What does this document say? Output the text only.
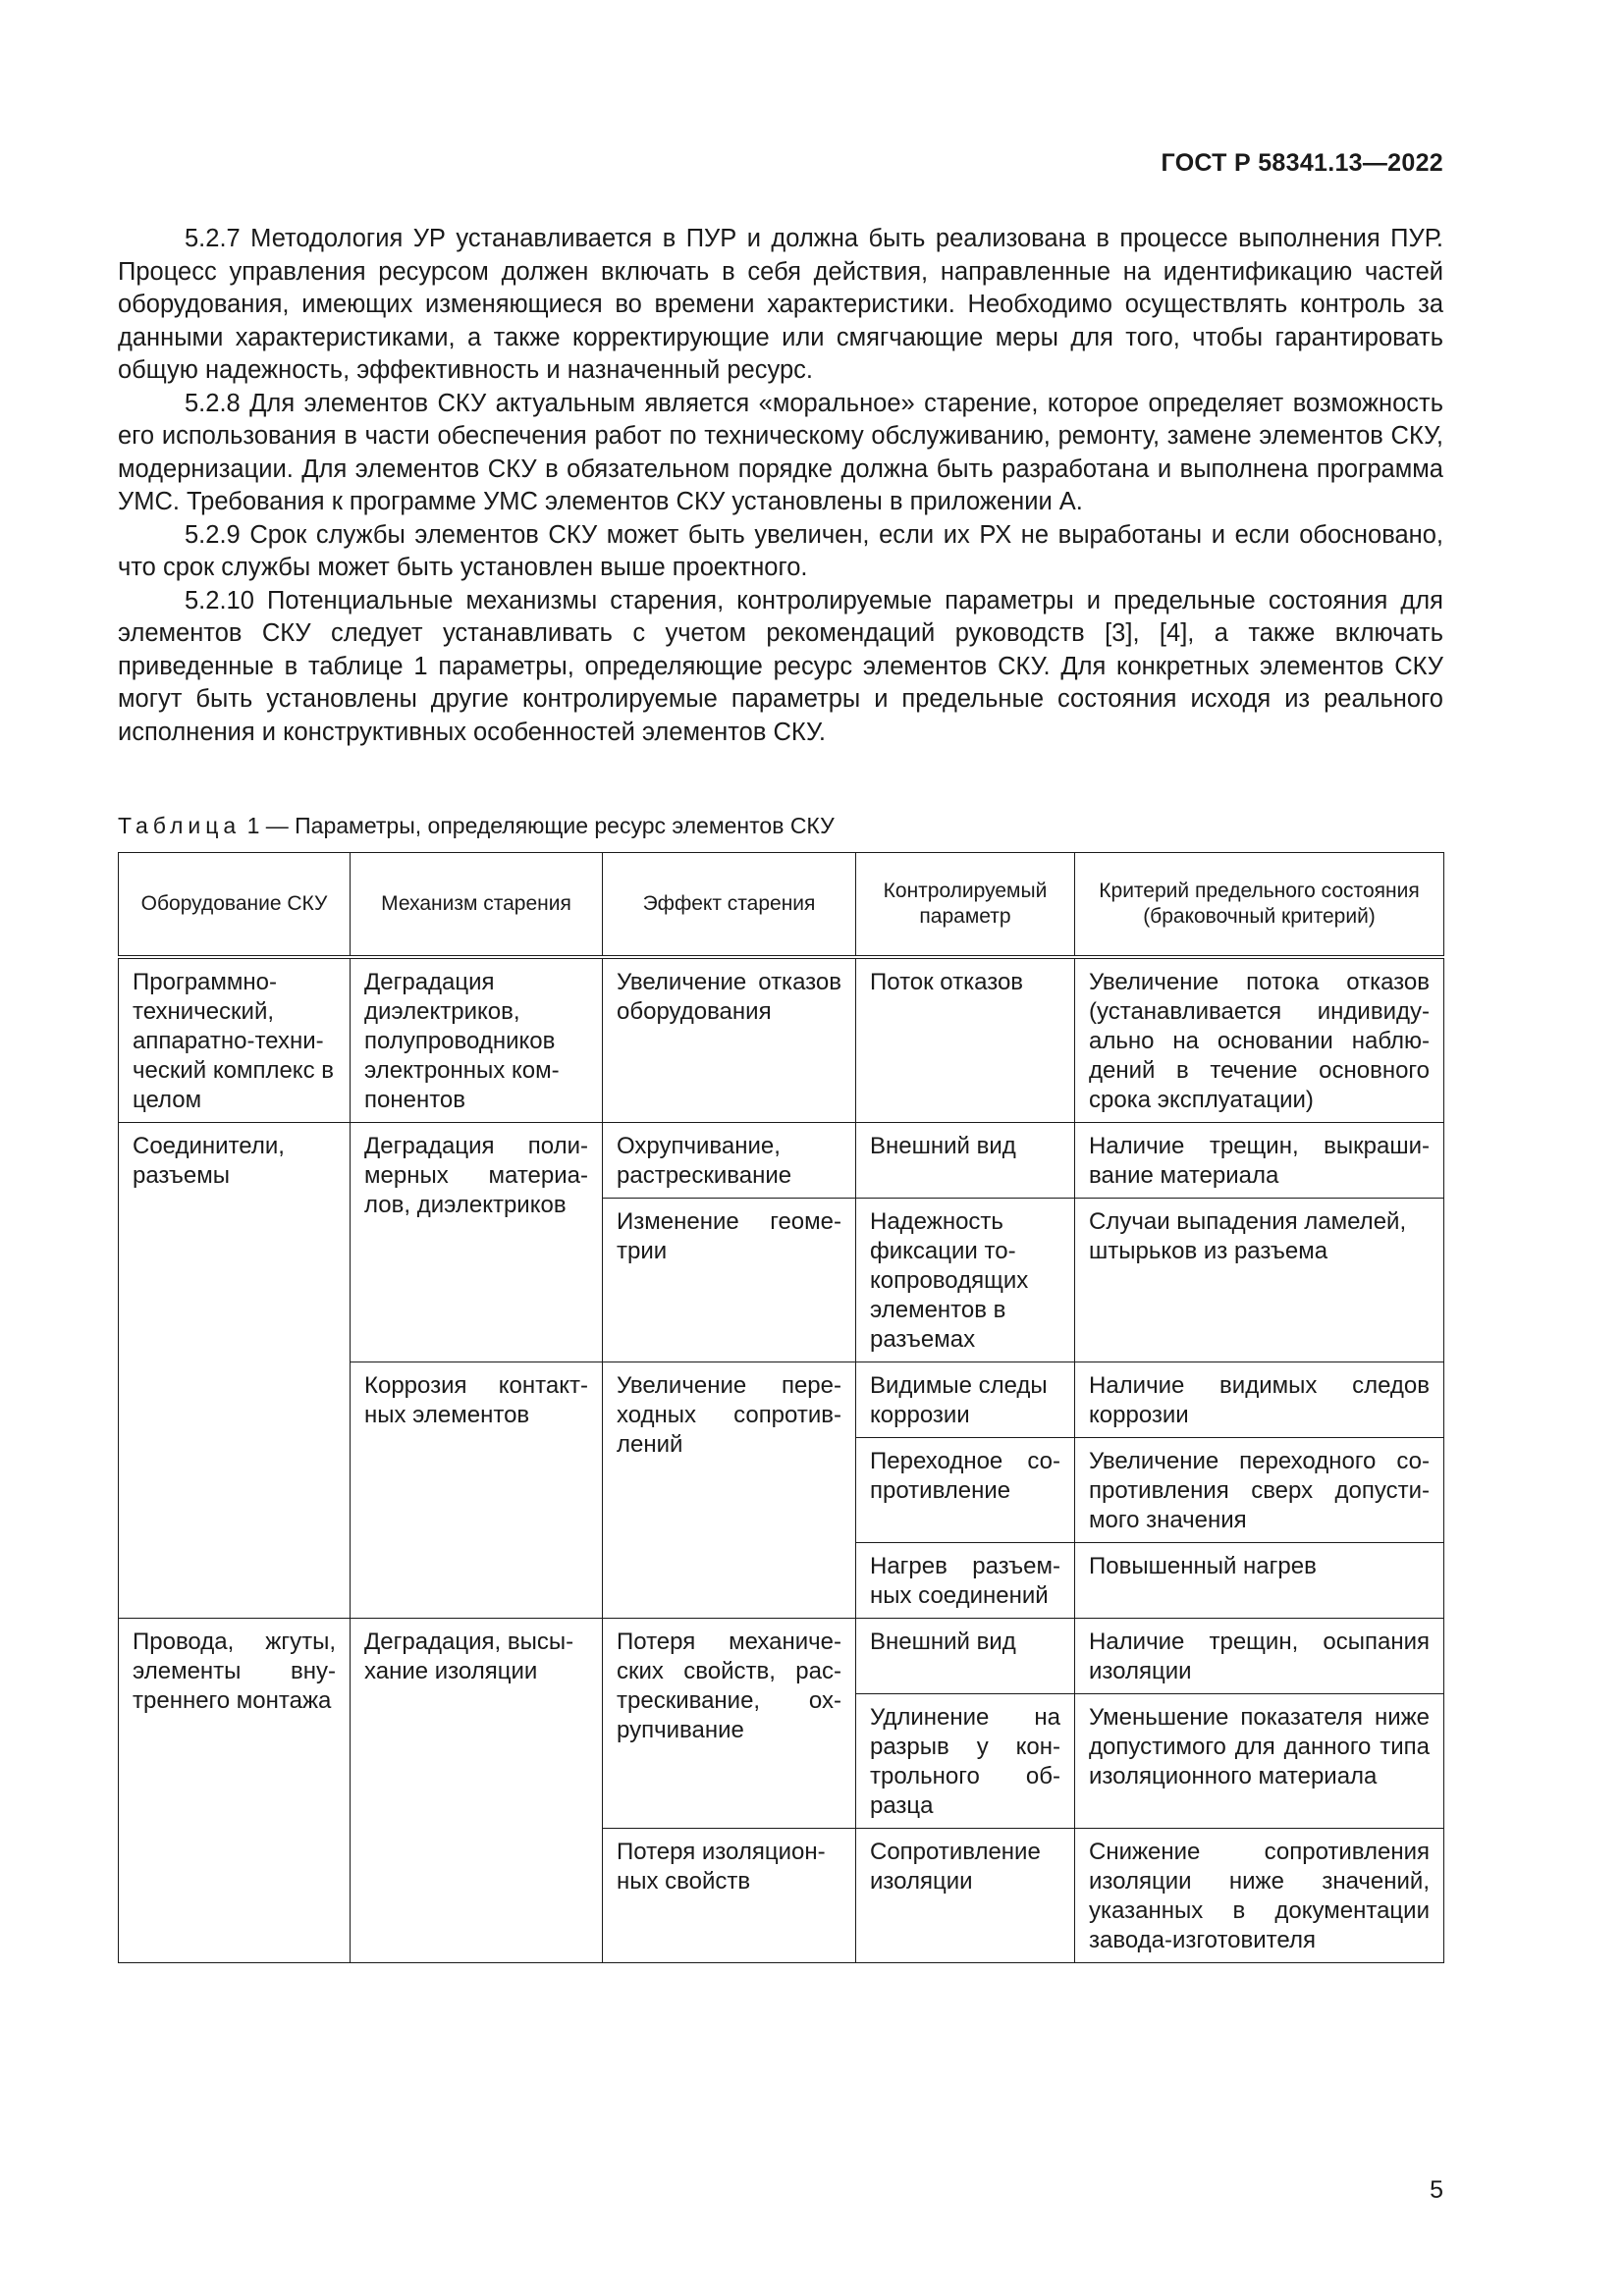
ГОСТ Р 58341.13—2022

5.2.7 Методология УР устанавливается в ПУР и должна быть реализована в процессе выполнения ПУР. Процесс управления ресурсом должен включать в себя действия, направленные на идентификацию частей оборудования, имеющих изменяющиеся во времени характеристики. Необходимо осуществлять контроль за данными характеристиками, а также корректирующие или смягчающие меры для того, чтобы гарантировать общую надежность, эффективность и назначенный ресурс.

5.2.8 Для элементов СКУ актуальным является «моральное» старение, которое определяет возможность его использования в части обеспечения работ по техническому обслуживанию, ремонту, замене элементов СКУ, модернизации. Для элементов СКУ в обязательном порядке должна быть разработана и выполнена программа УМС. Требования к программе УМС элементов СКУ установлены в приложении А.

5.2.9 Срок службы элементов СКУ может быть увеличен, если их РХ не выработаны и если обосновано, что срок службы может быть установлен выше проектного.

5.2.10 Потенциальные механизмы старения, контролируемые параметры и предельные состояния для элементов СКУ следует устанавливать с учетом рекомендаций руководств [3], [4], а также включать приведенные в таблице 1 параметры, определяющие ресурс элементов СКУ. Для конкретных элементов СКУ могут быть установлены другие контролируемые параметры и предельные состояния исходя из реального исполнения и конструктивных особенностей элементов СКУ.

Таблица 1 — Параметры, определяющие ресурс элементов СКУ
Оборудование СКУ	Механизм старения	Эффект старения	Контролируемый параметр	Критерий предельного состояния (браковочный критерий)
Программно-технический, аппаратно-технический комплекс в целом	Деградация диэлектриков, полупроводников электронных компонентов	Увеличение отказов оборудования	Поток отказов	Увеличение потока отказов (устанавливается индивидуально на основании наблюдений в течение основного срока эксплуатации)
Соединители, разъемы	Деградация полимерных материалов, диэлектриков	Охрупчивание, растрескивание	Внешний вид	Наличие трещин, выкрашивание материала
		Изменение геометрии	Надежность фиксации токопроводящих элементов в разъемах	Случаи выпадения ламелей, штырьков из разъема
	Коррозия контактных элементов	Увеличение переходных сопротивлений	Видимые следы коррозии	Наличие видимых следов коррозии
			Переходное сопротивление	Увеличение переходного сопротивления сверх допустимого значения
			Нагрев разъемных соединений	Повышенный нагрев
Провода, жгуты, элементы внутреннего монтажа	Деградация, высыхание изоляции	Потеря механических свойств, растрескивание, охрупчивание	Внешний вид	Наличие трещин, осыпания изоляции
			Удлинение на разрыв у контрольного образца	Уменьшение показателя ниже допустимого для данного типа изоляционного материала
		Потеря изоляционных свойств	Сопротивление изоляции	Снижение сопротивления изоляции ниже значений, указанных в документации завода-изготовителя
5
